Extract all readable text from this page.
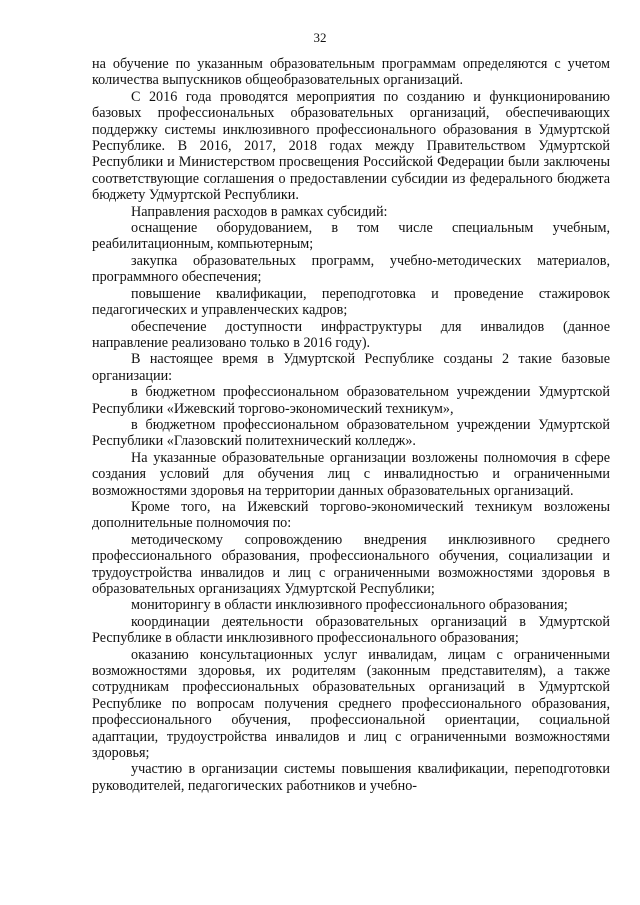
32

на обучение по указанным образовательным программам определяются с учетом количества выпускников общеобразовательных организаций.

С 2016 года проводятся мероприятия по созданию и функционированию базовых профессиональных образовательных организаций, обеспечивающих поддержку системы инклюзивного профессионального образования в Удмуртской Республике. В 2016, 2017, 2018 годах между Правительством Удмуртской Республики и Министерством просвещения Российской Федерации были заключены соответствующие соглашения о предоставлении субсидии из федерального бюджета бюджету Удмуртской Республики.

Направления расходов в рамках субсидий:

оснащение оборудованием, в том числе специальным учебным, реабилитационным, компьютерным;

закупка образовательных программ, учебно-методических материалов, программного обеспечения;

повышение квалификации, переподготовка и проведение стажировок педагогических и управленческих кадров;

обеспечение доступности инфраструктуры для инвалидов (данное направление реализовано только в 2016 году).

В настоящее время в Удмуртской Республике созданы 2 такие базовые организации:

в бюджетном профессиональном образовательном учреждении Удмуртской Республики «Ижевский торгово-экономический техникум»,

в бюджетном профессиональном образовательном учреждении Удмуртской Республики «Глазовский политехнический колледж».

На указанные образовательные организации возложены полномочия в сфере создания условий для обучения лиц с инвалидностью и ограниченными возможностями здоровья на территории данных образовательных организаций.

Кроме того, на Ижевский торгово-экономический техникум возложены дополнительные полномочия по:

методическому сопровождению внедрения инклюзивного среднего профессионального образования, профессионального обучения, социализации и трудоустройства инвалидов и лиц с ограниченными возможностями здоровья в образовательных организациях Удмуртской Республики;

мониторингу в области инклюзивного профессионального образования;

координации деятельности образовательных организаций в Удмуртской Республике в области инклюзивного профессионального образования;

оказанию консультационных услуг инвалидам, лицам с ограниченными возможностями здоровья, их родителям (законным представителям), а также сотрудникам профессиональных образовательных организаций в Удмуртской Республике по вопросам получения среднего профессионального образования, профессионального обучения, профессиональной ориентации, социальной адаптации, трудоустройства инвалидов и лиц с ограниченными возможностями здоровья;

участию в организации системы повышения квалификации, переподготовки руководителей, педагогических работников и учебно-
